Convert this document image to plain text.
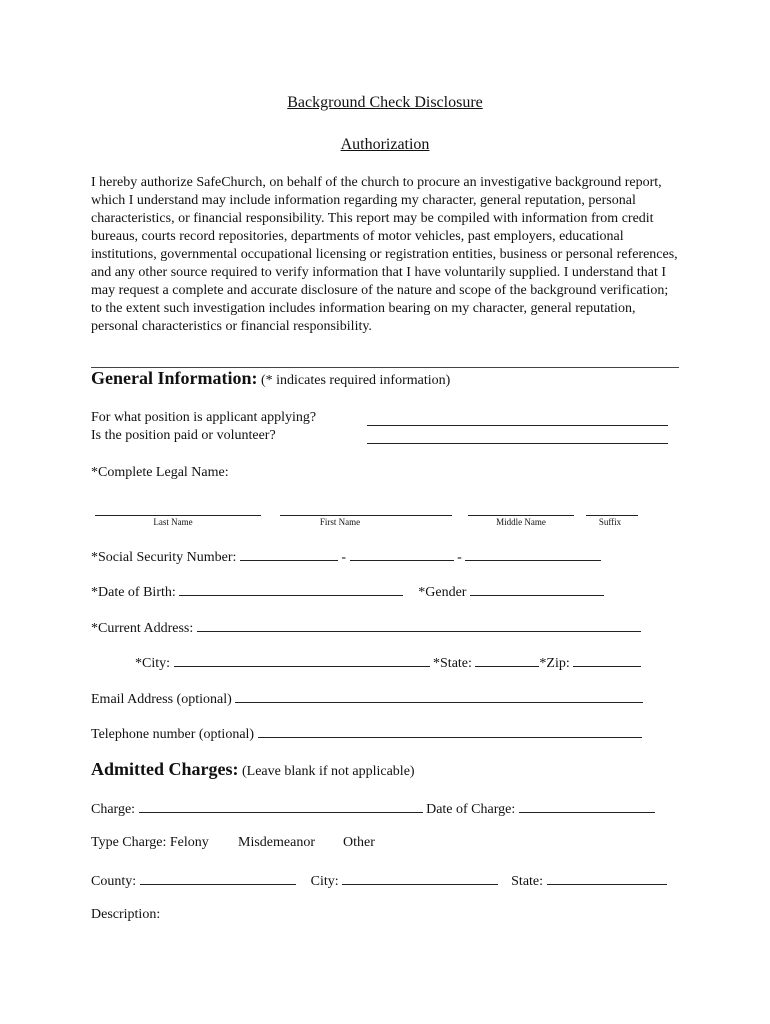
Background Check Disclosure
Authorization
I hereby authorize SafeChurch, on behalf of the church to procure an investigative background report, which I understand may include information regarding my character, general reputation, personal characteristics, or financial responsibility. This report may be compiled with information from credit bureaus, courts record repositories, departments of motor vehicles, past employers, educational institutions, governmental occupational licensing or registration entities, business or personal references, and any other source required to verify information that I have voluntarily supplied. I understand that I may request a complete and accurate disclosure of the nature and scope of the background verification; to the extent such investigation includes information bearing on my character, general reputation, personal characteristics or financial responsibility.
General Information: (* indicates required information)
For what position is applicant applying?
Is the position paid or volunteer?
*Complete Legal Name:
Last Name	First Name	Middle Name	Suffix
*Social Security Number:	-	-
*Date of Birth:	*Gender
*Current Address:
*City:	*State:	*Zip:
Email Address (optional)
Telephone number (optional)
Admitted Charges: (Leave blank if not applicable)
Charge:	Date of Charge:
Type Charge: Felony Misdemeanor Other
County:	City:	State:
Description:
